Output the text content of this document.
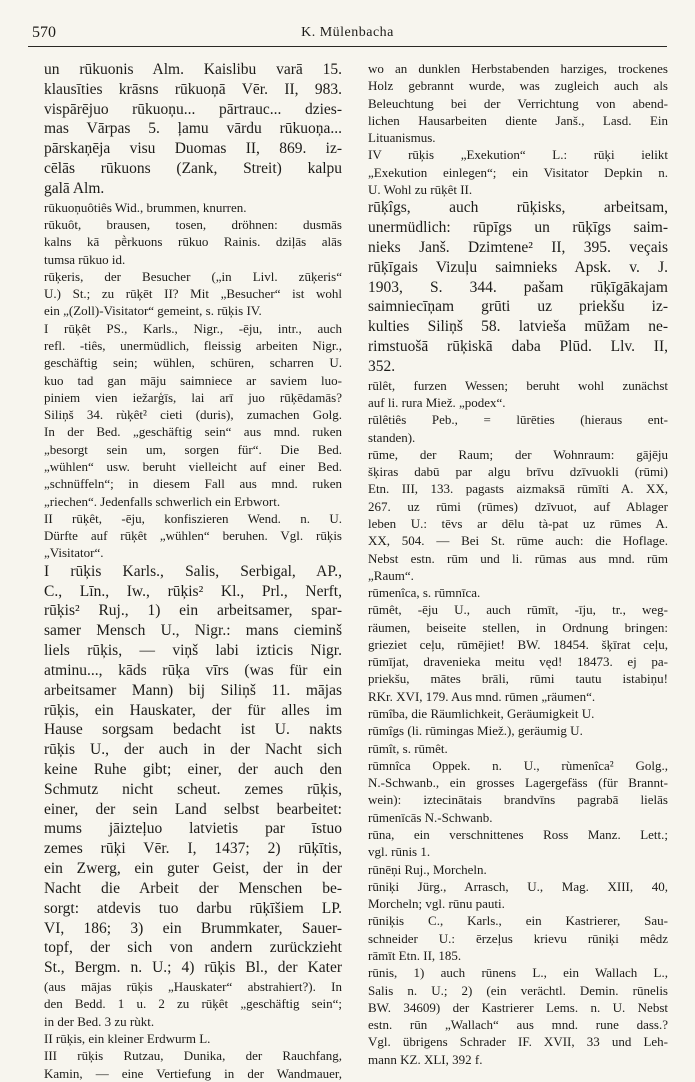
570	K. Mülenbacha
un rūkuonis Alm. Kaislibu varā 15.
klausīties krāsns rūkuoņā Vēr. II, 983.
vispārējuo rūkuoņu... pārtrauc... dzies-
mas Vārpas 5. ļamu vārdu rūkuoņa...
pārskaņēja visu Duomas II, 869. iz-
cēlās rūkuons (Zank, Streit) kalpu
galā Alm.
rūkuoņuôtiês Wid., brummen, knurren.
rūkuôt, brausen, tosen, dröhnen: dusmās
kalns kā pḕrkuons rūkuo Rainis. dziļās alās
tumsa rūkuo id.
rūķeris, der Besucher („in Livl. zūķeris“
U.) St.; zu rūķēt II? Mit „Besucher“ ist wohl
ein „(Zoll)-Visitator“ gemeint, s. rūķis IV.
I rūķêt PS., Karls., Nigr., -ēju, intr., auch
refl. -tiês, unermüdlich, fleissig arbeiten Nigr.,
geschäftig sein; wühlen, schüren, scharren U.
kuo tad gan māju saimniece ar saviem luo-
piniem vien iežarģīs, lai arī juo rūķēdamās?
Siliņš 34. rùķêt² cieti (duris), zumachen Golg.
In der Bed. „geschäftig sein“ aus mnd. ruken
„besorgt sein um, sorgen für“. Die Bed.
„wühlen“ usw. beruht vielleicht auf einer Bed.
„schnüffeln“; in diesem Fall aus mnd. ruken
„riechen“. Jedenfalls schwerlich ein Erbwort.
II rūķêt, -ēju, konfiszieren Wend. n. U.
Dürfte auf rūķêt „wühlen“ beruhen. Vgl. rūķis
„Visitator“.
I rūķis Karls., Salis, Serbigal, AP.,
C., Līn., Iw., rūķis² Kl., Prl., Nerft,
rūķis² Ruj., 1) ein arbeitsamer, spar-
samer Mensch U., Nigr.: mans cieminš
liels rūķis, — viņš labi izticis Nigr.
atminu..., kāds rūķa vīrs (was für ein
arbeitsamer Mann) bij Siliņš 11. mājas
rūķis, ein Hauskater, der für alles im
Hause sorgsam bedacht ist U. nakts
rūķis U., der auch in der Nacht sich
keine Ruhe gibt; einer, der auch den
Schmutz nicht scheut. zemes rūķis,
einer, der sein Land selbst bearbeitet:
mums jāizteļuo latvietis par īstuo
zemes rūķi Vēr. I, 1437; 2) rūķītis,
ein Zwerg, ein guter Geist, der in der
Nacht die Arbeit der Menschen be-
sorgt: atdevis tuo darbu rūķīšiem LP.
VI, 186; 3) ein Brummkater, Sauer-
topf, der sich von andern zurückzieht
St., Bergm. n. U.; 4) rūķis Bl., der Kater
(aus mājas rūķis „Hauskater“ abstrahiert?). In
den Bedd. 1 u. 2 zu rūķêt „geschäftig sein“;
in der Bed. 3 zu rùkt.
II rūķis, ein kleiner Erdwurm L.
III rūķis Rutzau, Dunika, der Rauchfang,
Kamin, — eine Vertiefung in der Wandmauer,
wo an dunklen Herbstabenden harziges, trockenes
Holz gebrannt wurde, was zugleich auch als
Beleuchtung bei der Verrichtung von abend-
lichen Hausarbeiten diente Janš., Lasd. Ein
Lituanismus.
IV rūķis „Exekution“ L.: rūķi ielikt
„Exekution einlegen“; ein Visitator Depkin n.
U. Wohl zu rūķêt II.
rūķîgs, auch rūķisks, arbeitsam,
unermüdlich: rūpīgs un rūķīgs saim-
nieks Janš. Dzimtene² II, 395. veçais
rūķīgais Vizuļu saimnieks Apsk. v. J.
1903, S. 344. pašam rūķīgākajam
saimniecīņam grūti uz priekšu iz-
kulties Siliņš 58. latvieša mūžam ne-
rimstuošā rūķiskā daba Plūd. Llv. II,
352.
rūlêt, furzen Wessen; beruht wohl zunächst
auf li. rura Miež. „podex“.
rūlêtiês Peb., = lūrēties (hieraus ent-
standen).
rūme, der Raum; der Wohnraum: gājēju
šķiras dabū par algu brīvu dzīvuokli (rūmi)
Etn. III, 133. pagasts aizmaksā rūmīti A. XX,
267. uz rūmi (rūmes) dzīvuot, auf Ablager
leben U.: tēvs ar dēlu tà-pat uz rūmes A.
XX, 504. — Bei St. rūme auch: die Hoflage.
Nebst estn. rūm und li. rūmas aus mnd. rūm
„Raum“.
rūmenîca, s. rūmnīca.
rūmêt, -ēju U., auch rūmīt, -īju, tr., weg-
räumen, beiseite stellen, in Ordnung bringen:
grieziet ceļu, rūmējiet! BW. 18454. šķīrat ceļu,
rūmījat, dravenieka meitu vęd! 18473. ej pa-
priekšu, mātes brāli, rūmi tautu istabiņu!
RKr. XVI, 179. Aus mnd. rūmen „räumen“.
rūmîba, die Räumlichkeit, Geräumigkeit U.
rūmîgs (li. rūmingas Miež.), geräumig U.
rūmît, s. rūmêt.
rūmnîca Oppek. n. U., rùmenîca² Golg.,
N.-Schwanb., ein grosses Lagergefäss (für Brannt-
wein): iztecinātais brandvīns pagrabā lielās
rūmenīcās N.-Schwanb.
rūna, ein verschnittenes Ross Manz. Lett.;
vgl. rūnis 1.
rūnēņi Ruj., Morcheln.
rūniķi Jürg., Arrasch, U., Mag. XIII, 40,
Morcheln; vgl. rūnu pauti.
rūniķis C., Karls., ein Kastrierer, Sau-
schneider U.: ērzeļus krievu rūniķi mêdz
rāmīt Etn. II, 185.
rūnis, 1) auch rūnens L., ein Wallach L.,
Salis n. U.; 2) (ein verächtl. Demin. rūnelis
BW. 34609) der Kastrierer Lems. n. U. Nebst
estn. rūn „Wallach“ aus mnd. rune dass.?
Vgl. übrigens Schrader IF. XVII, 33 und Leh-
mann KZ. XLI, 392 f.
